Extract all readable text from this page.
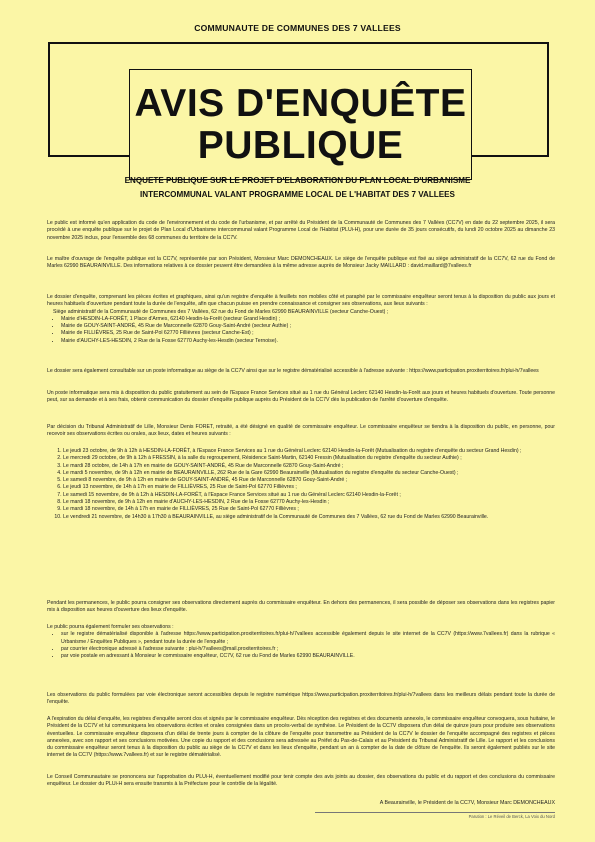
COMMUNAUTE DE COMMUNES DES 7 VALLEES
AVIS D'ENQUÊTE
PUBLIQUE
ENQUETE PUBLIQUE SUR LE PROJET D'ELABORATION DU PLAN LOCAL D'URBANISME
INTERCOMMUNAL VALANT PROGRAMME LOCAL DE L'HABITAT DES 7 VALLEES
Le public est informé qu'en application du code de l'environnement et du code de l'urbanisme, et par arrêté du Président de la Communauté de Communes des 7 Vallées (CC7V) en date du 22 septembre 2025, il sera procédé à une enquête publique sur le projet de Plan Local d'Urbanisme intercommunal valant Programme Local de l'Habitat (PLUi-H), pour une durée de 35 jours consécutifs, du lundi 20 octobre 2025 au dimanche 23 novembre 2025 inclus, pour l'ensemble des 68 communes du territoire de la CC7V.
Le maître d'ouvrage de l'enquête publique est la CC7V, représentée par son Président, Monsieur Marc DEMONCHEAUX. Le siège de l'enquête publique est fixé au siège administratif de la CC7V, 62 rue du Fond de Marles 62990 BEAURAINVILLE. Des informations relatives à ce dossier peuvent être demandées à la même adresse auprès de Monsieur Jacky MAILLARD : david.maillard@7vallees.fr
Le dossier d'enquête, comprenant les pièces écrites et graphiques, ainsi qu'un registre d'enquête à feuillets non mobiles côté et paraphé par le commissaire enquêteur seront tenus à la disposition du public aux jours et heures habituels d'ouverture pendant toute la durée de l'enquête, afin que chacun puisse en prendre connaissance et consigner ses observations, aux lieux suivants :
Siège administratif de la Communauté de Communes des 7 Vallées, 62 rue du Fond de Marles 62990 BEAURAINVILLE (secteur Canche-Ouest) ;
• Mairie d'HESDIN-LA-FORÊT, 1 Place d'Armes, 62140 Hesdin-la-Forêt (secteur Grand Hesdin) ;
• Mairie de GOUY-SAINT-ANDRÉ, 45 Rue de Marconnelle 62870 Gouy-Saint-André (secteur Authie) ;
• Mairie de FILLIÈVRES, 25 Rue de Saint-Pol 62770 Fillièvres (secteur Canche-Est) ;
• Mairie d'AUCHY-LES-HESDIN, 2 Rue de la Fosse 62770 Auchy-les-Hesdin (secteur Ternoise).
Le dossier sera également consultable sur un poste informatique au siège de la CC7V ainsi que sur le registre dématérialisé accessible à l'adresse suivante : https://www.participation.proxiterritoires.fr/plui-h/7vallees
Un poste informatique sera mis à disposition du public gratuitement au sein de l'Espace France Services situé au 1 rue du Général Leclerc 62140 Hesdin-la-Forêt aux jours et heures habituels d'ouverture. Toute personne peut, sur sa demande et à ses frais, obtenir communication du dossier d'enquête publique auprès du Président de la CC7V dès la publication de l'arrêté d'ouverture d'enquête.
Par décision du Tribunal Administratif de Lille, Monsieur Denis FORET, retraité, a été désigné en qualité de commissaire enquêteur. Le commissaire enquêteur se tiendra à la disposition du public, en personne, pour recevoir ses observations écrites ou orales, aux lieux, dates et heures suivants :
1. Le jeudi 23 octobre, de 9h à 12h à HESDIN-LA-FORÊT, à l'Espace France Services au 1 rue du Général Leclerc 62140 Hesdin-la-Forêt (Mutualisation du registre d'enquête du secteur Grand Hesdin) ;
2. Le mercredi 29 octobre, de 9h à 12h à FRESSIN, à la salle du regroupement, Résidence Saint-Martin, 62140 Fressin (Mutualisation du registre d'enquête du secteur Authie) ;
3. Le mardi 28 octobre, de 14h à 17h en mairie de GOUY-SAINT-ANDRÉ, 45 Rue de Marconnelle 62870 Gouy-Saint-André ;
4. Le mardi 5 novembre, de 9h à 12h en mairie de BEAURAINVILLE, 262 Rue de la Gare 62990 Beaurainville (Mutualisation du registre d'enquête du secteur Canche-Ouest) ;
5. Le samedi 8 novembre, de 9h à 12h en mairie de GOUY-SAINT-ANDRÉ, 45 Rue de Marconnelle 62870 Gouy-Saint-André ;
6. Le jeudi 13 novembre, de 14h à 17h en mairie de FILLIÈVRES, 25 Rue de Saint-Pol 62770 Fillièvres ;
7. Le samedi 15 novembre, de 9h à 12h à HESDIN-LA-FORÊT, à l'Espace France Services situé au 1 rue du Général Leclerc 62140 Hesdin-la-Forêt ;
8. Le mardi 18 novembre, de 9h à 12h en mairie d'AUCHY-LES-HESDIN, 2 Rue de la Fosse 62770 Auchy-les-Hesdin ;
9. Le mardi 18 novembre, de 14h à 17h en mairie de FILLIÈVRES, 25 Rue de Saint-Pol 62770 Fillièvres ;
10. Le vendredi 21 novembre, de 14h30 à 17h30 à BEAURAINVILLE, au siège administratif de la Communauté de Communes des 7 Vallées, 62 rue du Fond de Marles 62990 Beaurainville.
Pendant les permanences, le public pourra consigner ses observations directement auprès du commissaire enquêteur. En dehors des permanences, il sera possible de déposer ses observations dans les registres papier mis à disposition aux heures d'ouverture des lieux d'enquête.
Le public pourra également formuler ses observations :
• sur le registre dématérialisé disponible à l'adresse https://www.participation.proxiterritoires.fr/plui-h/7vallees accessible également depuis le site internet de la CC7V (https://www.7vallees.fr) dans la rubrique « Urbanisme / Enquêtes Publiques », pendant toute la durée de l'enquête ;
• par courrier électronique adressé à l'adresse suivante : plui-h/7vallees@mail.proxiterritoires.fr ;
• par voie postale en adressant à Monsieur le commissaire enquêteur, CC7V, 62 rue du Fond de Marles 62990 BEAURAINVILLE.
Les observations du public formulées par voie électronique seront accessibles depuis le registre numérique https://www.participation.proxiterritoires.fr/plui-h/7vallees dans les meilleurs délais pendant toute la durée de l'enquête.
A l'expiration du délai d'enquête, les registres d'enquête seront clos et signés par le commissaire enquêteur. Dès réception des registres et des documents annexés, le commissaire enquêteur convoquera, sous huitaine, le Président de la CC7V et lui communiquera les observations écrites et orales consignées dans un procès-verbal de synthèse. Le Président de la CC7V disposera d'un délai de quinze jours pour produire ses observations éventuelles. Le commissaire enquêteur disposera d'un délai de trente jours à compter de la clôture de l'enquête pour transmettre au Président de la CC7V le dossier de l'enquête accompagné des registres et pièces annexées, avec son rapport et ses conclusions motivées. Une copie du rapport et des conclusions sera adressée au Préfet du Pas-de-Calais et au Président du Tribunal Administratif de Lille. Le rapport et les conclusions du commissaire enquêteur seront tenus à la disposition du public au siège de la CC7V et dans les lieux d'enquête, pendant un an à compter de la date de clôture de l'enquête. Ils seront également publiés sur le site internet de la CC7V (https://www.7vallees.fr) et sur le registre dématérialisé.
Le Conseil Communautaire se prononcera sur l'approbation du PLUi-H, éventuellement modifié pour tenir compte des avis joints au dossier, des observations du public et du rapport et des conclusions du commissaire enquêteur. Le dossier du PLUi-H sera ensuite transmis à la Préfecture pour le contrôle de la légalité.
A Beaurainville, le Président de la CC7V, Monsieur Marc DEMONCHEAUX
Parution : Le Réveil de Berck, La Voix du Nord
